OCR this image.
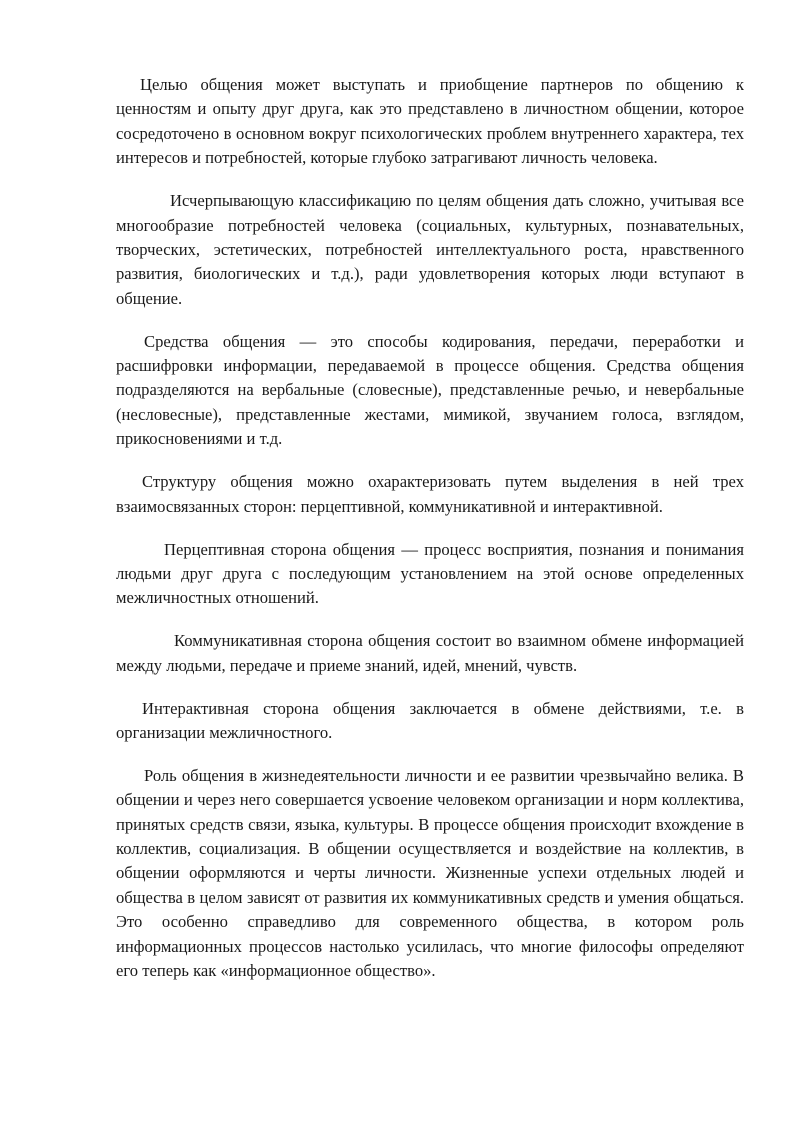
Целью общения может выступать и приобщение партнеров по общению к ценностям и опыту друг друга, как это представлено в личностном общении, которое сосредоточено в основном вокруг психологических проблем внутреннего характера, тех интересов и потребностей, которые глубоко затрагивают личность человека.

Исчерпывающую классификацию по целям общения дать сложно, учитывая все многообразие потребностей человека (социальных, культурных, познавательных, творческих, эстетических, потребностей интеллектуального роста, нравственного развития, биологических и т.д.), ради удовлетворения которых люди вступают в общение.

Средства общения — это способы кодирования, передачи, переработки и расшифровки информации, передаваемой в процессе общения. Средства общения подразделяются на вербальные (словесные), представленные речью, и невербальные (несловесные), представленные жестами, мимикой, звучанием голоса, взглядом, прикосновениями и т.д.

Структуру общения можно охарактеризовать путем выделения в ней трех взаимосвязанных сторон: перцептивной, коммуникативной и интерактивной.

Перцептивная сторона общения — процесс восприятия, познания и понимания людьми друг друга с последующим установлением на этой основе определенных межличностных отношений.

Коммуникативная сторона общения состоит во взаимном обмене информацией между людьми, передаче и приеме знаний, идей, мнений, чувств.

Интерактивная сторона общения заключается в обмене действиями, т.е. в организации межличностного.

Роль общения в жизнедеятельности личности и ее развитии чрезвычайно велика. В общении и через него совершается усвоение человеком организации и норм коллектива, принятых средств связи, языка, культуры. В процессе общения происходит вхождение в коллектив, социализация. В общении осуществляется и воздействие на коллектив, в общении оформляются и черты личности. Жизненные успехи отдельных людей и общества в целом зависят от развития их коммуникативных средств и умения общаться. Это особенно справедливо для современного общества, в котором роль информационных процессов настолько усилилась, что многие философы определяют его теперь как «информационное общество».
